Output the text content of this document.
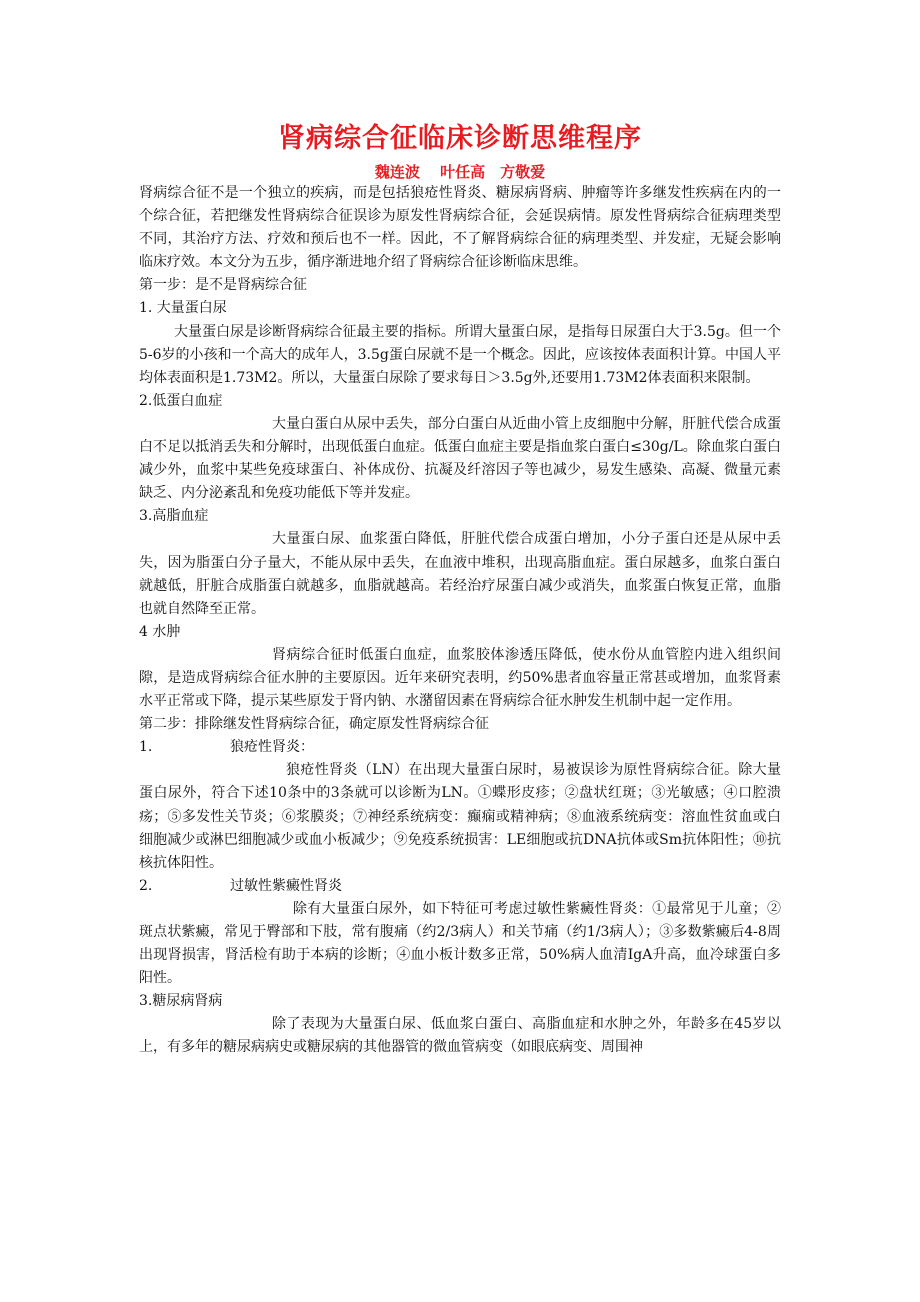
肾病综合征临床诊断思维程序
魏连波　 叶任高　方敬爱

肾病综合征不是一个独立的疾病，而是包括狼疮性肾炎、糖尿病肾病、肿瘤等许多继发性疾病在内的一个综合征，若把继发性肾病综合征误诊为原发性肾病综合征，会延误病情。原发性肾病综合征病理类型不同，其治疗方法、疗效和预后也不一样。因此，不了解肾病综合征的病理类型、并发症，无疑会影响临床疗效。本文分为五步，循序渐进地介绍了肾病综合征诊断临床思维。

第一步：是不是肾病综合征

1. 大量蛋白尿

大量蛋白尿是诊断肾病综合征最主要的指标。所谓大量蛋白尿，是指每日尿蛋白大于3.5g。但一个5-6岁的小孩和一个高大的成年人，3.5g蛋白尿就不是一个概念。因此，应该按体表面积计算。中国人平均体表面积是1.73M2。所以，大量蛋白尿除了要求每日＞3.5g外,还要用1.73M2体表面积来限制。

2.低蛋白血症

大量白蛋白从尿中丢失，部分白蛋白从近曲小管上皮细胞中分解，肝脏代偿合成蛋白不足以抵消丢失和分解时，出现低蛋白血症。低蛋白血症主要是指血浆白蛋白≤30g/L。除血浆白蛋白减少外，血浆中某些免疫球蛋白、补体成份、抗凝及纤溶因子等也减少，易发生感染、高凝、微量元素缺乏、内分泌紊乱和免疫功能低下等并发症。

3.高脂血症

大量蛋白尿、血浆蛋白降低，肝脏代偿合成蛋白增加，小分子蛋白还是从尿中丢失，因为脂蛋白分子量大，不能从尿中丢失，在血液中堆积，出现高脂血症。蛋白尿越多，血浆白蛋白就越低，肝脏合成脂蛋白就越多，血脂就越高。若经治疗尿蛋白减少或消失，血浆蛋白恢复正常，血脂也就自然降至正常。

4 水肿

肾病综合征时低蛋白血症，血浆胶体渗透压降低，使水份从血管腔内进入组织间隙，是造成肾病综合征水肿的主要原因。近年来研究表明，约50%患者血容量正常甚或增加，血浆肾素水平正常或下降，提示某些原发于肾内钠、水潴留因素在肾病综合征水肿发生机制中起一定作用。

第二步：排除继发性肾病综合征，确定原发性肾病综合征

1.	狼疮性肾炎：

狼疮性肾炎（LN）在出现大量蛋白尿时，易被误诊为原性肾病综合征。除大量蛋白尿外，符合下述10条中的3条就可以诊断为LN。①蝶形皮疹；②盘状红斑；③光敏感；④口腔溃疡；⑤多发性关节炎；⑥浆膜炎；⑦神经系统病变：癫痫或精神病；⑧血液系统病变：溶血性贫血或白细胞减少或淋巴细胞减少或血小板减少；⑨免疫系统损害：LE细胞或抗DNA抗体或Sm抗体阳性；⑩抗核抗体阳性。

2.	过敏性紫癜性肾炎

除有大量蛋白尿外，如下特征可考虑过敏性紫癜性肾炎：①最常见于儿童；②斑点状紫癜，常见于臀部和下肢，常有腹痛（约2/3病人）和关节痛（约1/3病人）；③多数紫癜后4-8周出现肾损害，肾活检有助于本病的诊断；④血小板计数多正常，50%病人血清IgA升高，血冷球蛋白多阳性。

3.糖尿病肾病

除了表现为大量蛋白尿、低血浆白蛋白、高脂血症和水肿之外，年龄多在45岁以上，有多年的糖尿病病史或糖尿病的其他器管的微血管病变（如眼底病变、周围神
